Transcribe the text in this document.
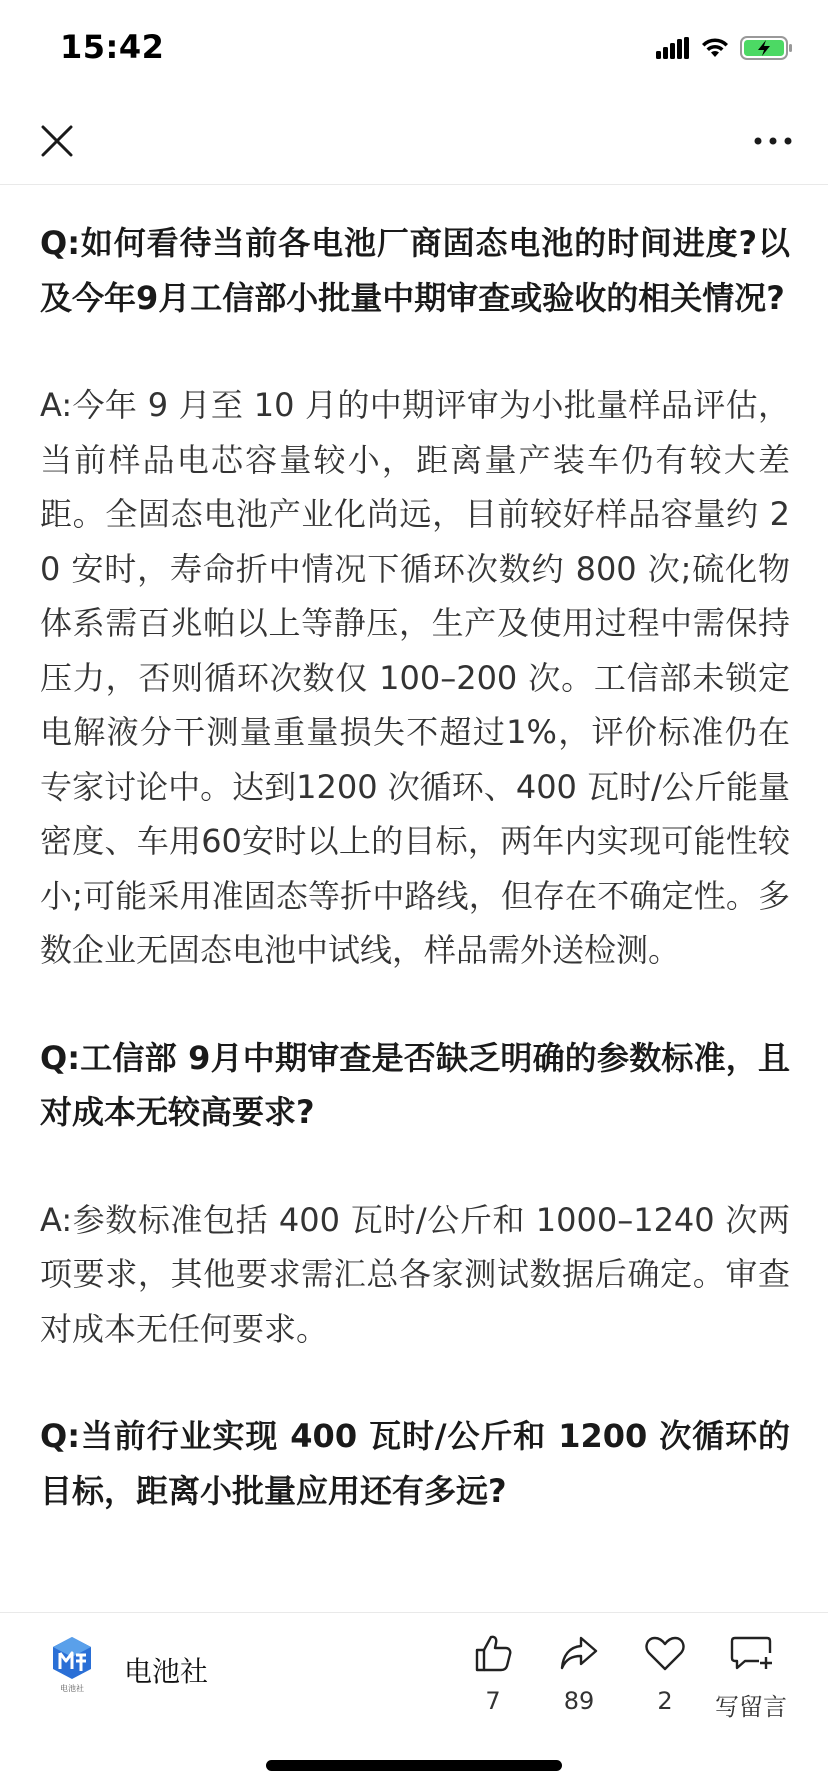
15:42

Q:如何看待当前各电池厂商固态电池的时间进度?以及今年9月工信部小批量中期审查或验收的相关情况?

A:今年 9 月至 10 月的中期评审为小批量样品评估，当前样品电芯容量较小，距离量产装车仍有较大差距。全固态电池产业化尚远，目前较好样品容量约 20 安时，寿命折中情况下循环次数约 800 次;硫化物体系需百兆帕以上等静压，生产及使用过程中需保持压力，否则循环次数仅 100–200 次。工信部未锁定电解液分干测量重量损失不超过1%，评价标准仍在专家讨论中。达到1200 次循环、400 瓦时/公斤能量密度、车用60安时以上的目标，两年内实现可能性较小;可能采用准固态等折中路线，但存在不确定性。多数企业无固态电池中试线，样品需外送检测。

Q:工信部 9月中期审查是否缺乏明确的参数标准，且对成本无较高要求?

A:参数标准包括 400 瓦时/公斤和 1000–1240 次两项要求，其他要求需汇总各家测试数据后确定。审查对成本无任何要求。

Q:当前行业实现 400 瓦时/公斤和 1200 次循环的目标，距离小批量应用还有多远?

电池社
电池社
7	89	2 写留言
